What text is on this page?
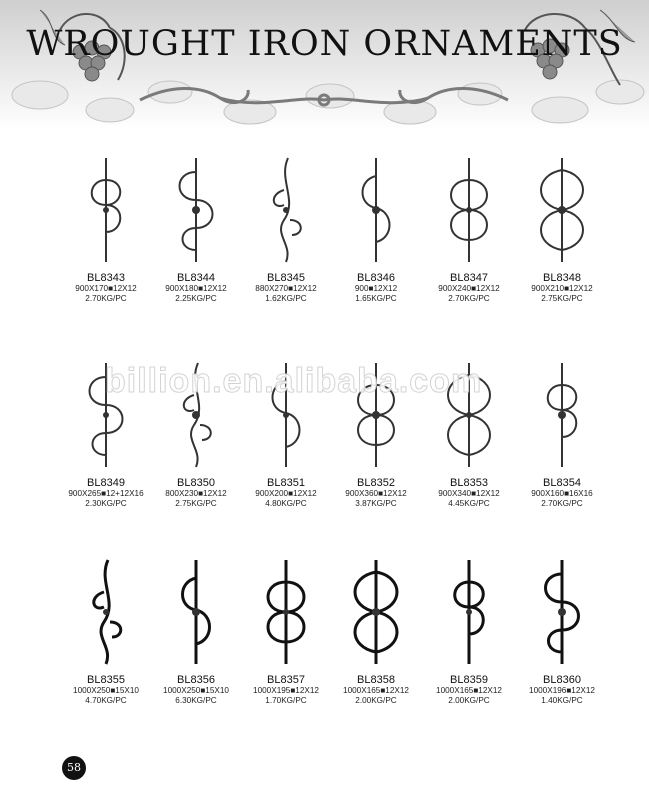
WROUGHT IRON ORNAMENTS
BL8343
900X170■12X12
2.70KG/PC
BL8344
900X180■12X12
2.25KG/PC
BL8345
880X270■12X12
1.62KG/PC
BL8346
900■12X12
1.65KG/PC
BL8347
900X240■12X12
2.70KG/PC
BL8348
900X210■12X12
2.75KG/PC
BL8349
900X265■12+12X16
2.30KG/PC
BL8350
800X230■12X12
2.75KG/PC
BL8351
900X200■12X12
4.80KG/PC
BL8352
900X360■12X12
3.87KG/PC
BL8353
900X340■12X12
4.45KG/PC
BL8354
900X160■16X16
2.70KG/PC
BL8355
1000X250■15X10
4.70KG/PC
BL8356
1000X250■15X10
6.30KG/PC
BL8357
1000X195■12X12
1.70KG/PC
BL8358
1000X165■12X12
2.00KG/PC
BL8359
1000X165■12X12
2.00KG/PC
BL8360
1000X196■12X12
1.40KG/PC
billion.en.alibaba.com
58
